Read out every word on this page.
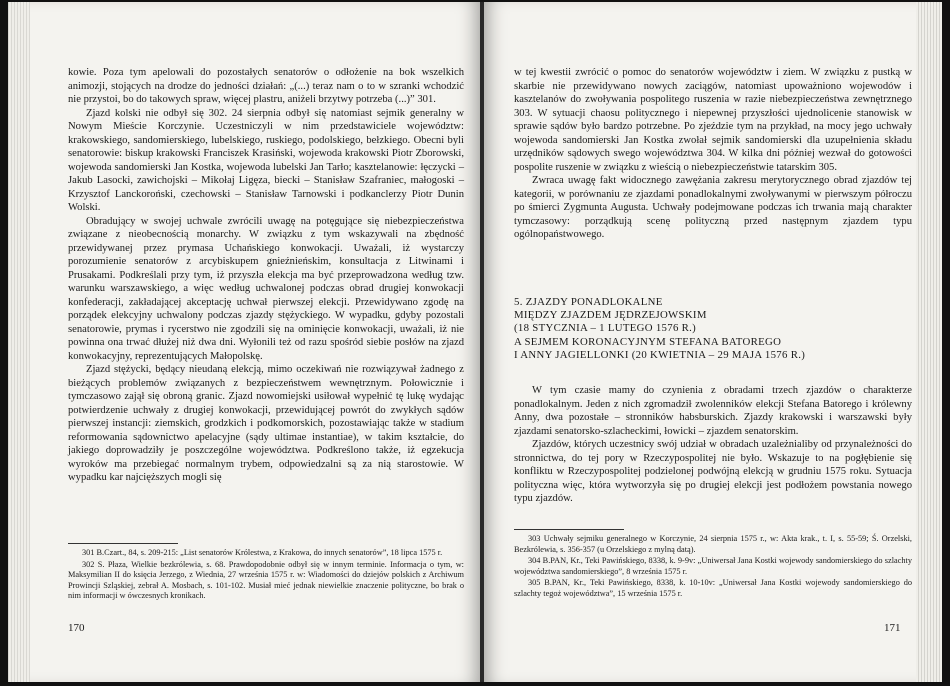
kowie. Poza tym apelowali do pozostałych senatorów o odłożenie na bok wszelkich animozji, stojących na drodze do jedności działań: „(...) teraz nam o to w szranki wchodzić nie przystoi, bo do takowych spraw, więcej plastru, aniżeli brzytwy potrzeba (...)” 301.

Zjazd kolski nie odbył się 302. 24 sierpnia odbył się natomiast sejmik generalny w Nowym Mieście Korczynie. Uczestniczyli w nim przedstawiciele województw: krakowskiego, sandomierskiego, lubelskiego, ruskiego, podolskiego, bełzkiego. Obecni byli senatorowie: biskup krakowski Franciszek Krasiński, wojewoda krakowski Piotr Zborowski, wojewoda sandomierski Jan Kostka, wojewoda lubelski Jan Tarło; kasztelanowie: łęczycki – Jakub Lasocki, zawichojski – Mikołaj Ligęza, biecki – Stanisław Szafraniec, małogoski – Krzysztof Lanckoroński, czechowski – Stanisław Tarnowski i podkanclerzy Piotr Dunin Wolski.

Obradujący w swojej uchwale zwrócili uwagę na potęgujące się niebezpieczeństwa związane z nieobecnością monarchy. W związku z tym wskazywali na zbędność przewidywanej przez prymasa Uchańskiego konwokacji. Uważali, iż wystarczy porozumienie senatorów z arcybiskupem gnieźnieńskim, konsultacja z Litwinami i Prusakami. Podkreślali przy tym, iż przyszła elekcja ma być przeprowadzona według tzw. warunku warszawskiego, a więc według uchwalonej podczas obrad drugiej konwokacji konfederacji, zakładającej akceptację uchwał pierwszej elekcji. Przewidywano zgodę na porządek elekcyjny uchwalony podczas zjazdy stężyckiego. W wypadku, gdyby pozostali senatorowie, prymas i rycerstwo nie zgodzili się na ominięcie konwokacji, uważali, iż nie powinna ona trwać dłużej niż dwa dni. Wyłonili też od razu spośród siebie posłów na zjazd konwokacyjny, reprezentujących Małopolskę.

Zjazd stężycki, będący nieudaną elekcją, mimo oczekiwań nie rozwiązywał żadnego z bieżących problemów związanych z bezpieczeństwem wewnętrznym. Połowicznie i tymczasowo zajął się obroną granic. Zjazd nowomiejski usiłował wypełnić tę lukę wydając potwierdzenie uchwały z drugiej konwokacji, przewidującej powrót do zwykłych sądów pierwszej instancji: ziemskich, grodzkich i podkomorskich, pozostawiając także w stadium reformowania sądownictwo apelacyjne (sądy ultimae instantiae), w takim kształcie, do jakiego doprowadziły je poszczególne województwa. Podkreślono także, iż egzekucja wyroków ma przebiegać normalnym trybem, odpowiedzalni są za nią starostowie. W wypadku kar najcięższych mogli się

301 B.Czart., 84, s. 209-215: „List senatorów Królestwa, z Krakowa, do innych senatorów”, 18 lipca 1575 r.

302 S. Płaza, Wielkie bezkrólewia, s. 68. Prawdopodobnie odbył się w innym terminie. Informacja o tym, w: Maksymilian II do księcia Jerzego, z Wiednia, 27 września 1575 r. w: Wiadomości do dziejów polskich z Archiwum Prowincji Szląskiej, zebrał A. Mosbach, s. 101-102. Musiał mieć jednak niewielkie znaczenie polityczne, bo brak o nim informacji w ówczesnych kronikach.

170

w tej kwestii zwrócić o pomoc do senatorów województw i ziem. W związku z pustką w skarbie nie przewidywano nowych zaciągów, natomiast upoważniono wojewodów i kasztelanów do zwoływania pospolitego ruszenia w razie niebezpieczeństwa zewnętrznego 303. W sytuacji chaosu politycznego i niepewnej przyszłości ujednolicenie stanowisk w sprawie sądów było bardzo potrzebne. Po zjeździe tym na przykład, na mocy jego uchwały wojewoda sandomierski Jan Kostka zwołał sejmik sandomierski dla uzupełnienia składu urzędników sądowych swego województwa 304. W kilka dni później wezwał do gotowości pospolite ruszenie w związku z wieścią o niebezpieczeństwie tatarskim 305.

Zwraca uwagę fakt widocznego zawężania zakresu merytorycznego obrad zjazdów tej kategorii, w porównaniu ze zjazdami ponadlokalnymi zwoływanymi w pierwszym półroczu po śmierci Zygmunta Augusta. Uchwały podejmowane podczas ich trwania mają charakter tymczasowy: porządkują scenę polityczną przed następnym zjazdem typu ogólnopaństwowego.

5. ZJAZDY PONADLOKALNE
MIĘDZY ZJAZDEM JĘDRZEJOWSKIM
(18 STYCZNIA – 1 LUTEGO 1576 R.)
A SEJMEM KORONACYJNYM STEFANA BATOREGO
I ANNY JAGIELLONKI (20 KWIETNIA – 29 MAJA 1576 R.)

W tym czasie mamy do czynienia z obradami trzech zjazdów o charakterze ponadlokalnym. Jeden z nich zgromadził zwolenników elekcji Stefana Batorego i królewny Anny, dwa pozostałe – stronników habsburskich. Zjazdy krakowski i warszawski były zjazdami senatorsko-szlacheckimi, łowicki – zjazdem senatorskim.

Zjazdów, których uczestnicy swój udział w obradach uzależnialiby od przynależności do stronnictwa, do tej pory w Rzeczypospolitej nie było. Wskazuje to na pogłębienie się konfliktu w Rzeczypospolitej podzielonej podwójną elekcją w grudniu 1575 roku. Sytuacja polityczna więc, która wytworzyła się po drugiej elekcji jest podłożem powstania nowego typu zjazdów.

303 Uchwały sejmiku generalnego w Korczynie, 24 sierpnia 1575 r., w: Akta krak., t. I, s. 55-59; Ś. Orzelski, Bezkrólewia, s. 356-357 (u Orzelskiego z mylną datą).

304 B.PAN, Kr., Teki Pawińskiego, 8338, k. 9-9v: „Uniwersał Jana Kostki wojewody sandomierskiego do szlachty województwa sandomierskiego”, 8 września 1575 r.

305 B.PAN, Kr., Teki Pawińskiego, 8338, k. 10-10v: „Uniwersał Jana Kostki wojewody sandomierskiego do szlachty tegoż województwa”, 15 września 1575 r.

171
